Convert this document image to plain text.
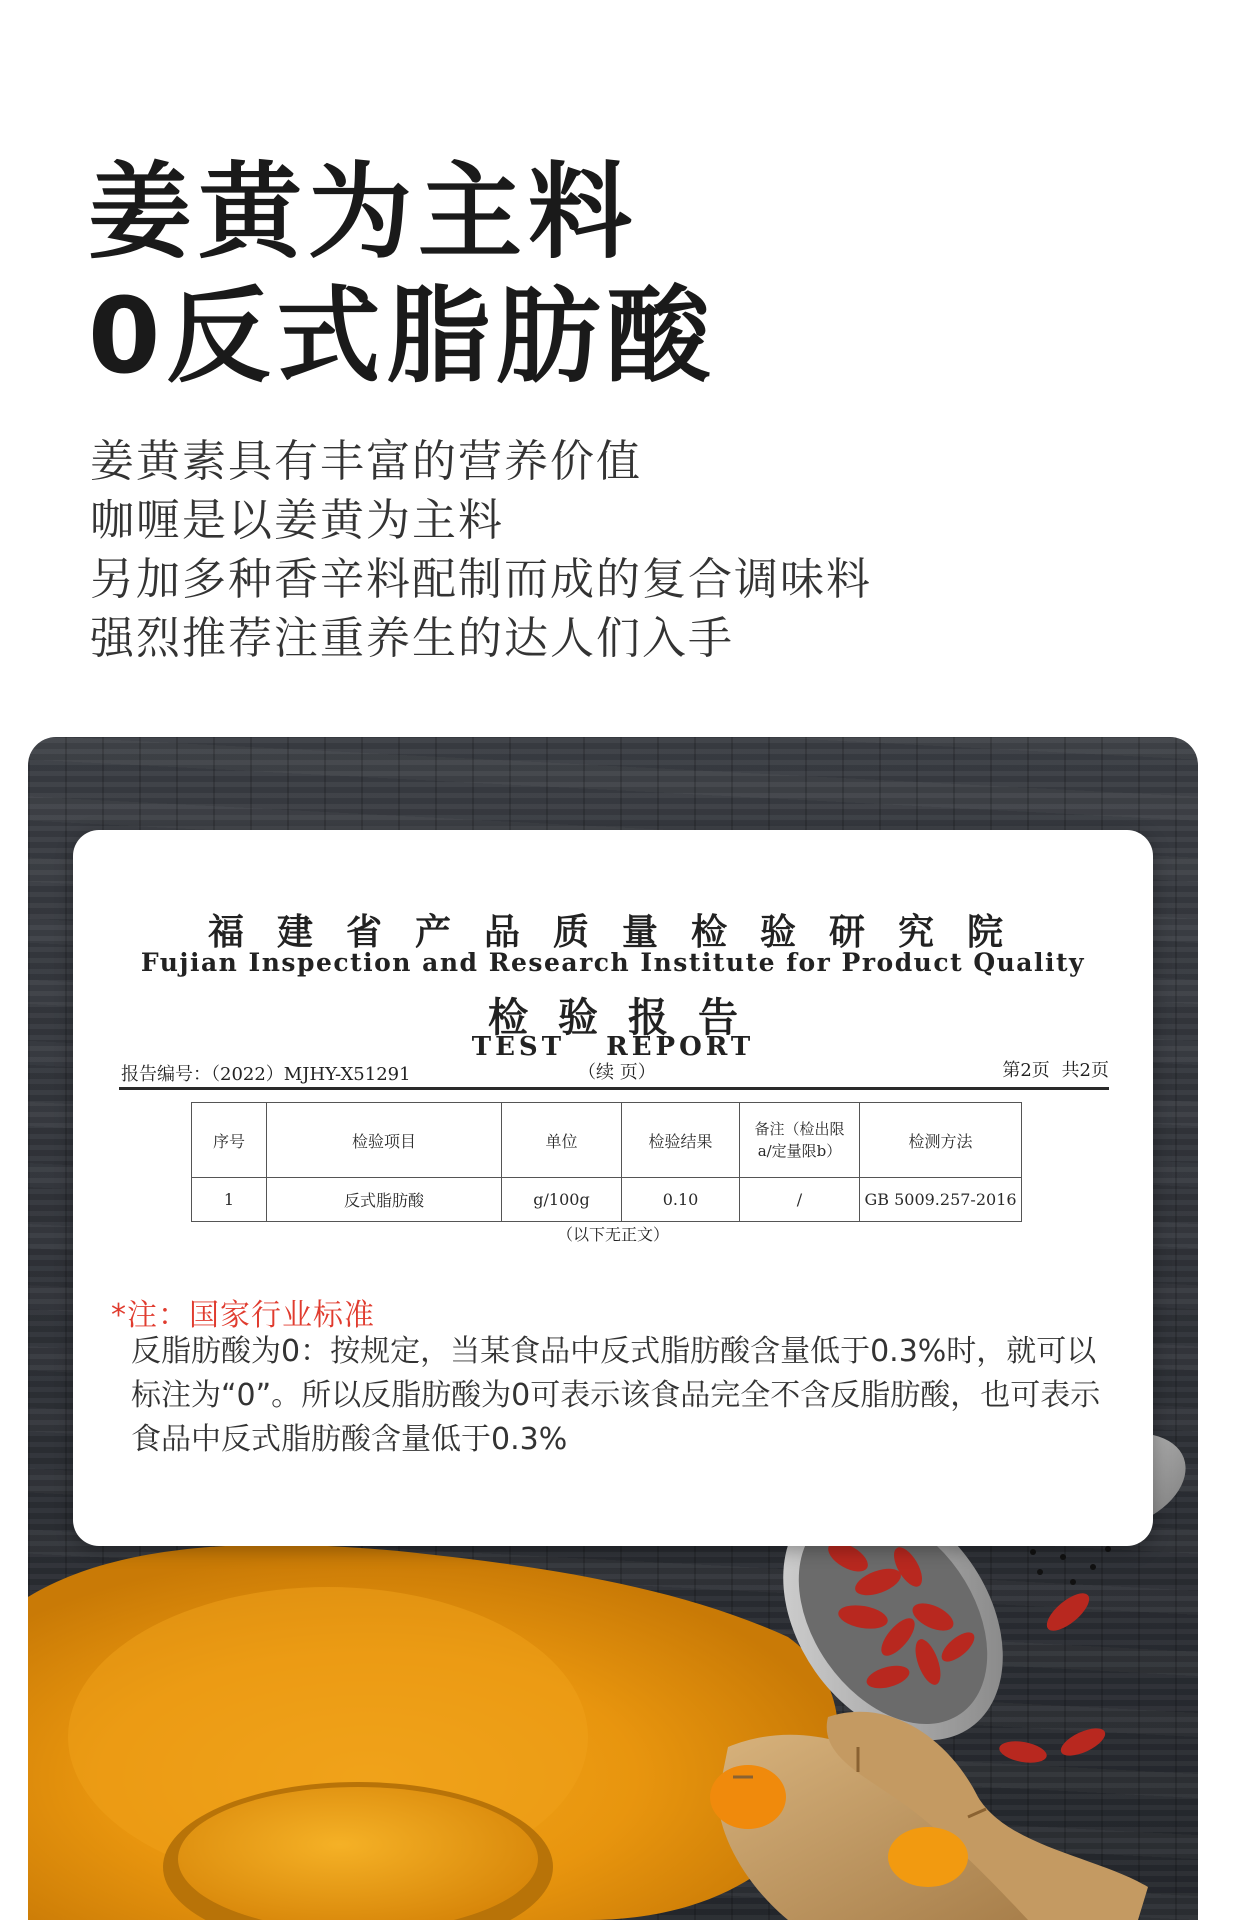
姜黄为主料
0反式脂肪酸
姜黄素具有丰富的营养价值
咖喱是以姜黄为主料
另加多种香辛料配制而成的复合调味料
强烈推荐注重养生的达人们入手
福建省产品质量检验研究院
Fujian Inspection and Research Institute for Product Quality
检验报告
TEST REPORT
报告编号：（2022）MJHY-X51291	（续 页）	第2页 共2页
序号	检验项目	单位	检验结果	备注（检出限a/定量限b）	检测方法
1	反式脂肪酸	g/100g	0.10	/	GB 5009.257-2016
（以下无正文）
*注：国家行业标准
反脂肪酸为0：按规定，当某食品中反式脂肪酸含量低于0.3%时，就可以标注为“0”。所以反脂肪酸为0可表示该食品完全不含反脂肪酸，也可表示食品中反式脂肪酸含量低于0.3%
